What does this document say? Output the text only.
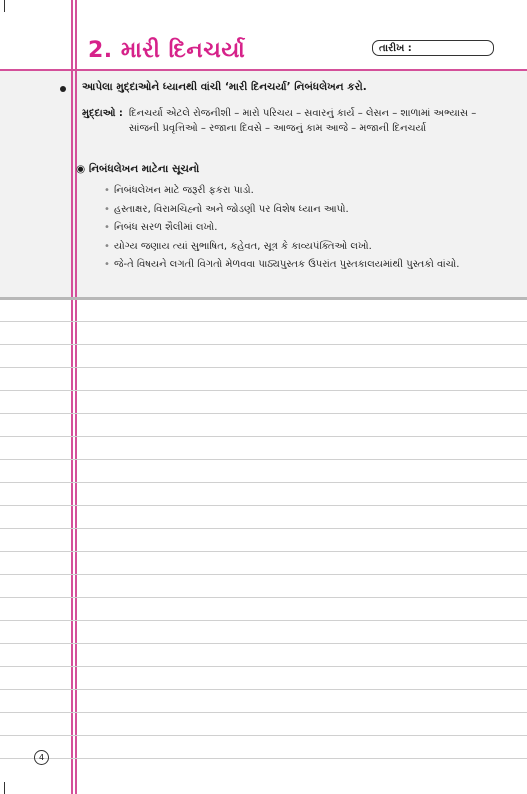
2. મારી દિનચર્યા	તારીખ :
આપેલા મુદ્દાઓને ધ્યાનથી વાંચી ‘મારી દિનચર્યા’ નિબંધલેખન કરો.
મુદ્દાઓ : દિનચર્યા એટલે રોજનીશી – મારો પરિચય – સવારનું કાર્ય – લેસન – શાળામાં અભ્યાસ – સાંજની પ્રવૃત્તિઓ – રજાના દિવસે – આજનું કામ આજે – મજાની દિનચર્યા
◉ નિબંધલેખન માટેના સૂચનો
• નિબંધલેખન માટે જરૂરી ફકરા પાડો.
• હસ્તાક્ષર, વિરામચિહ્નો અને જોડણી પર વિશેષ ધ્યાન આપો.
• નિબંધ સરળ શૈલીમાં લખો.
• યોગ્ય જણાય ત્યાં સુભાષિત, કહેવત, સૂત્ર કે કાવ્યપંક્તિઓ લખો.
• જે-તે વિષયને લગતી વિગતો મેળવવા પાઠ્યપુસ્તક ઉપરાંત પુસ્તકાલયમાંથી પુસ્તકો વાંચો.
4
